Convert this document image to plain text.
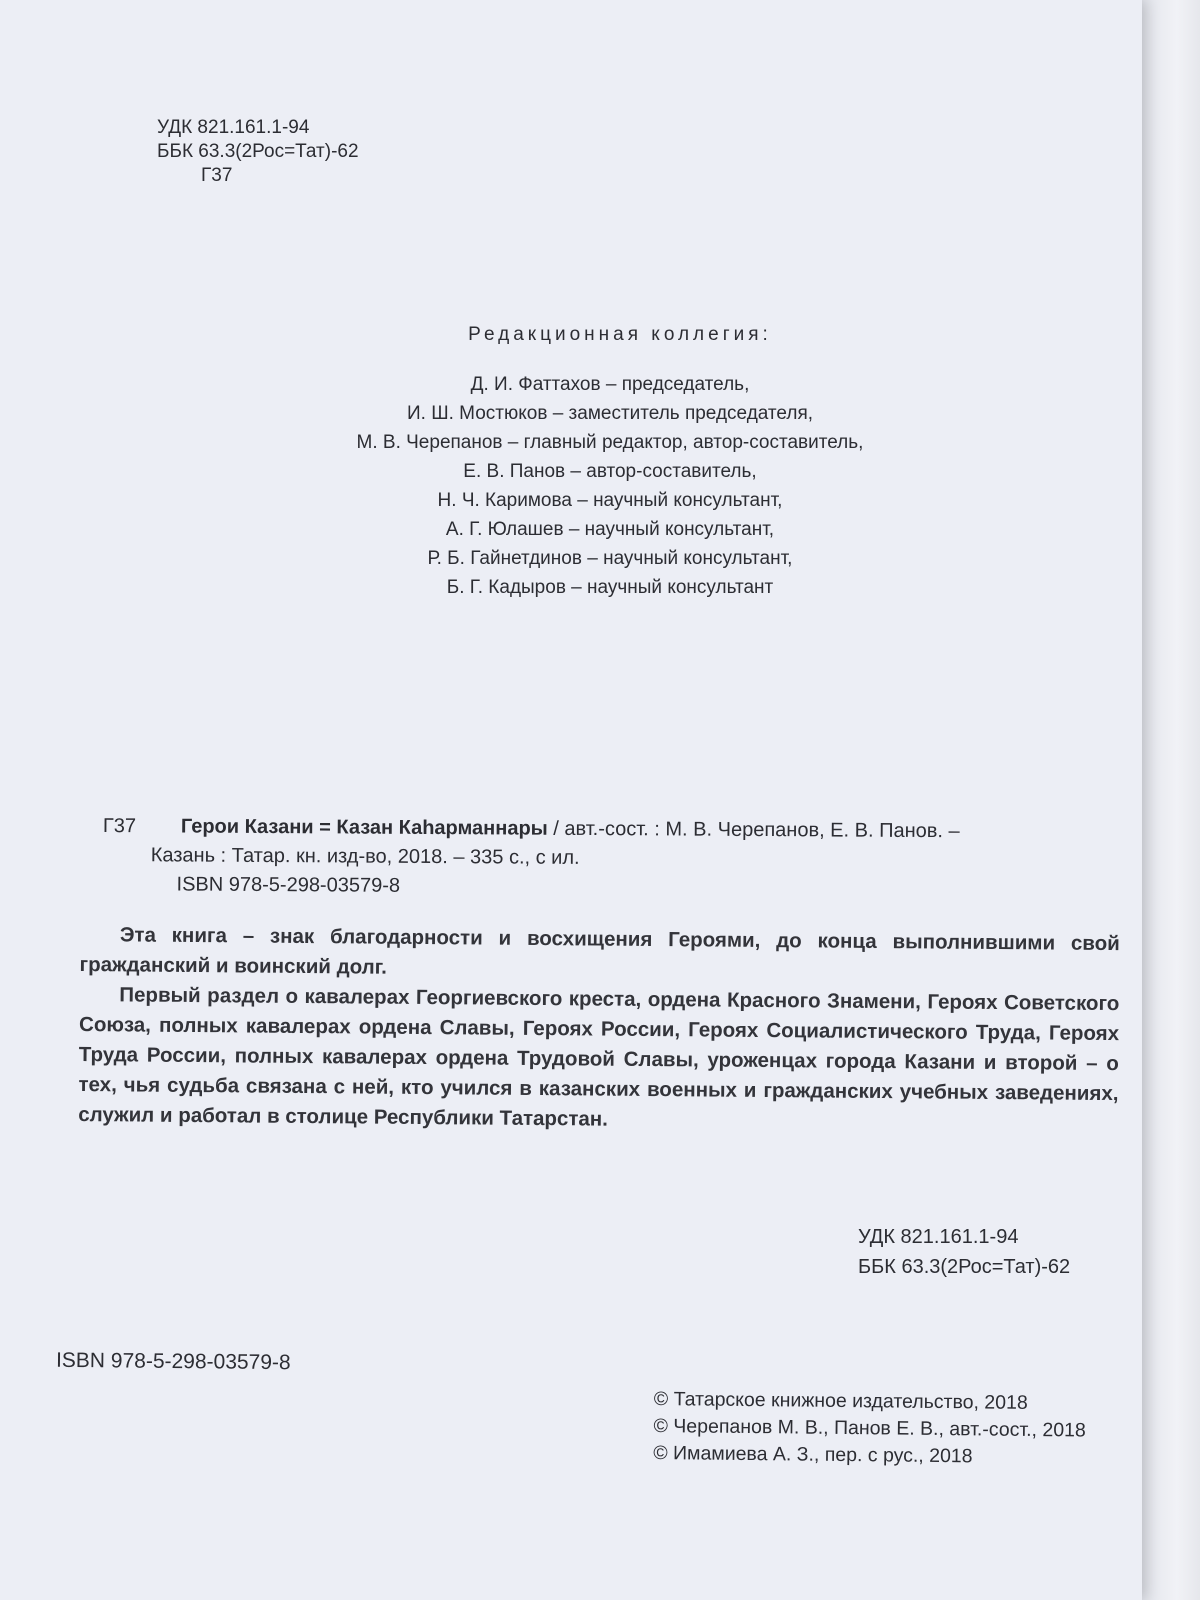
УДК 821.161.1-94
ББК 63.3(2Рос=Тат)-62
Г37
Редакционная коллегия:
Д. И. Фаттахов – председатель,
И. Ш. Мостюков – заместитель председателя,
М. В. Черепанов – главный редактор, автор-составитель,
Е. В. Панов – автор-составитель,
Н. Ч. Каримова – научный консультант,
А. Г. Юлашев – научный консультант,
Р. Б. Гайнетдинов – научный консультант,
Б. Г. Кадыров – научный консультант

Г37 Герои Казани = Казан Каһарманнары / авт.-сост. : М. В. Черепанов, Е. В. Панов. –
Казань : Татар. кн. изд-во, 2018. – 335 с., с ил.
ISBN 978-5-298-03579-8

Эта книга – знак благодарности и восхищения Героями, до конца выполнившими свой гражданский и воинский долг.

Первый раздел о кавалерах Георгиевского креста, ордена Красного Знамени, Героях Советского Союза, полных кавалерах ордена Славы, Героях России, Героях Социалистического Труда, Героях Труда России, полных кавалерах ордена Трудовой Славы, уроженцах города Казани и второй – о тех, чья судьба связана с ней, кто учился в казанских военных и гражданских учебных заведениях, служил и работал в столице Республики Татарстан.

УДК 821.161.1-94
ББК 63.3(2Рос=Тат)-62
ISBN 978-5-298-03579-8
© Татарское книжное издательство, 2018
© Черепанов М. В., Панов Е. В., авт.-сост., 2018
© Имамиева А. З., пер. с рус., 2018
